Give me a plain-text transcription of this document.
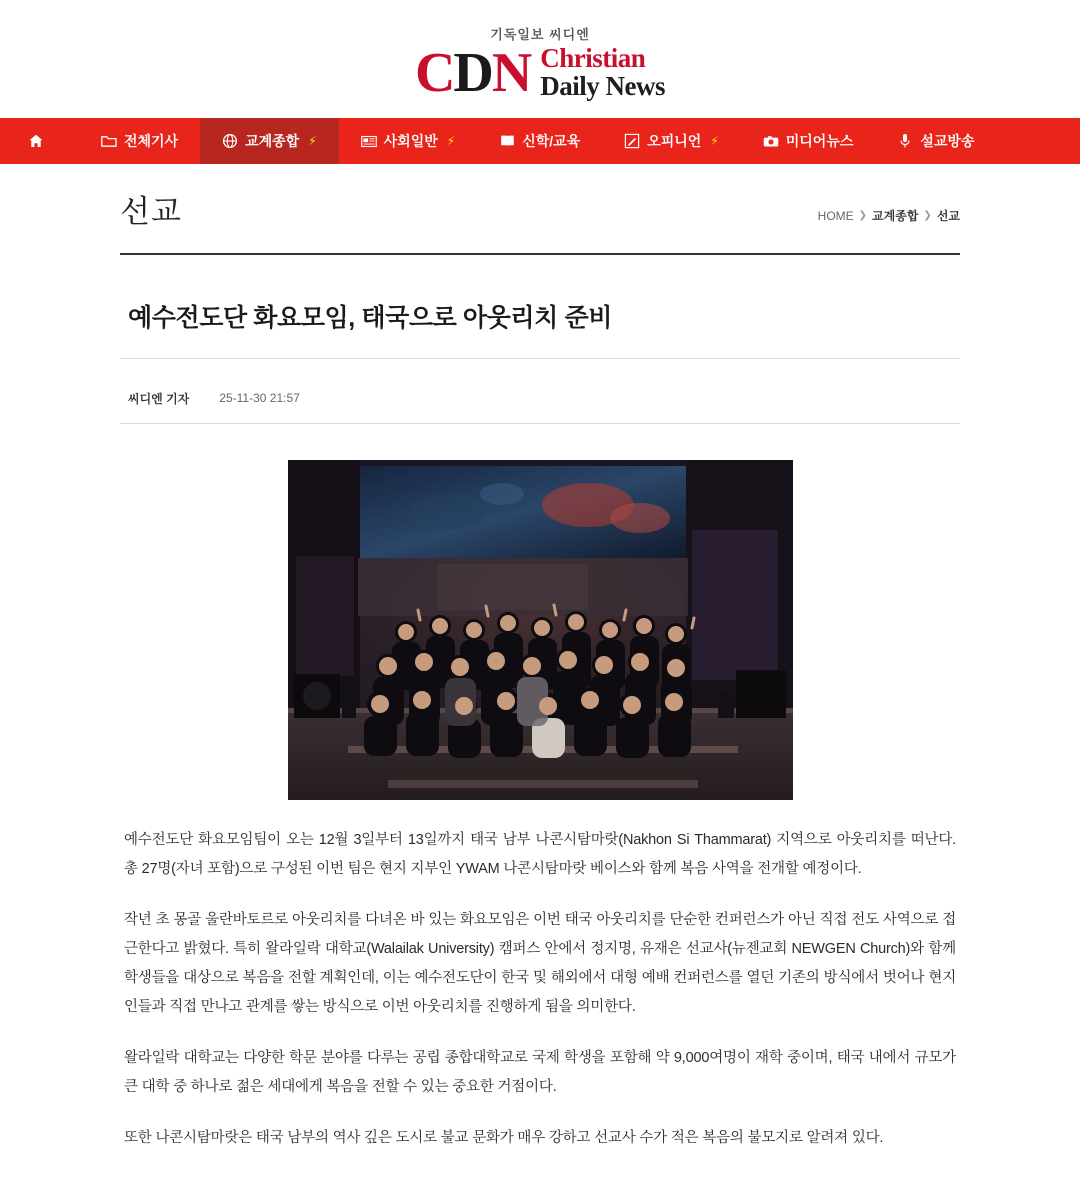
기독일보 씨디엔
CDN Christian
Daily News
전체기사	교계종합 ⚡	사회일반 ⚡	신학/교육	오피니언 ⚡	미디어뉴스	설교방송
선교	HOME ❯ 교계종합 ❯ 선교
예수전도단 화요모임, 태국으로 아웃리치 준비
씨디엔 기자	25-11-30 21:57

예수전도단 화요모임팀이 오는 12월 3일부터 13일까지 태국 남부 나콘시탐마랏(Nakhon Si Thammarat) 지역으로 아웃리치를 떠난다. 총 27명(자녀 포함)으로 구성된 이번 팀은 현지 지부인 YWAM 나콘시탐마랏 베이스와 함께 복음 사역을 전개할 예정이다.

작년 초 몽골 울란바토르로 아웃리치를 다녀온 바 있는 화요모임은 이번 태국 아웃리치를 단순한 컨퍼런스가 아닌 직접 전도 사역으로 접근한다고 밝혔다. 특히 왈라일락 대학교(Walailak University) 캠퍼스 안에서 정지명, 유재은 선교사(뉴젠교회 NEWGEN Church)와 함께 학생들을 대상으로 복음을 전할 계획인데, 이는 예수전도단이 한국 및 해외에서 대형 예배 컨퍼런스를 열던 기존의 방식에서 벗어나 현지인들과 직접 만나고 관계를 쌓는 방식으로 이번 아웃리치를 진행하게 됨을 의미한다.

왈라일락 대학교는 다양한 학문 분야를 다루는 공립 종합대학교로 국제 학생을 포함해 약 9,000여명이 재학 중이며, 태국 내에서 규모가 큰 대학 중 하나로 젊은 세대에게 복음을 전할 수 있는 중요한 거점이다.

또한 나콘시탐마랏은 태국 남부의 역사 깊은 도시로 불교 문화가 매우 강하고 선교사 수가 적은 복음의 불모지로 알려져 있다.
